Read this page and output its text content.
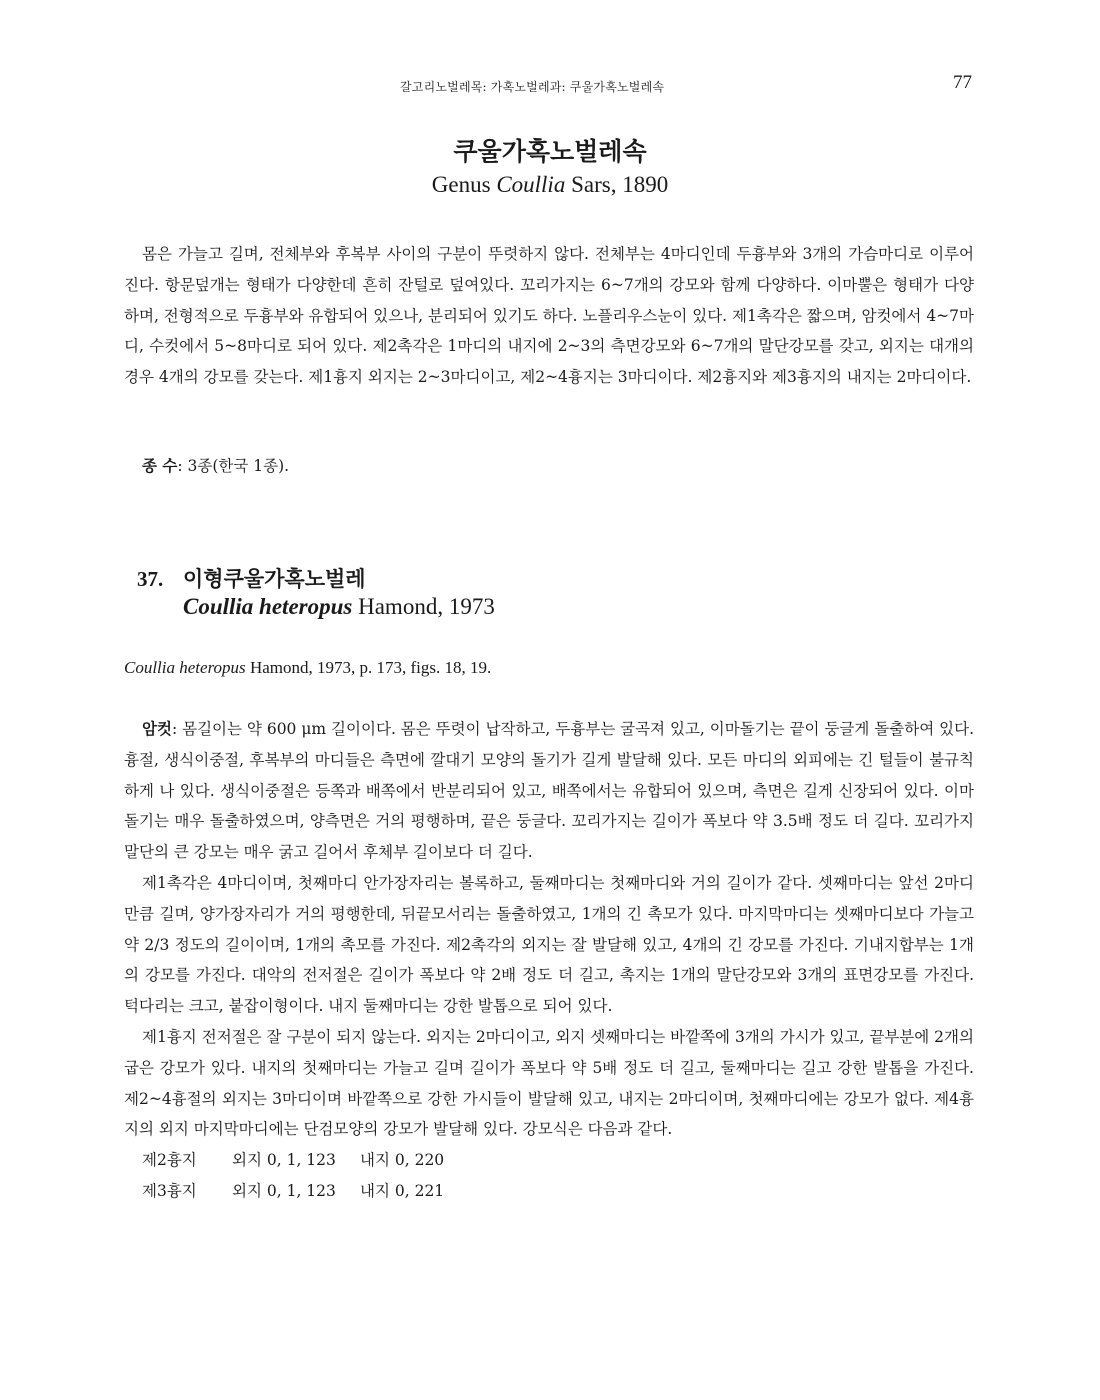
갈고리노벌레목: 가혹노벌레과: 쿠울가혹노벌레속	77
쿠울가혹노벌레속
Genus Coullia Sars, 1890

몸은 가늘고 길며, 전체부와 후복부 사이의 구분이 뚜렷하지 않다. 전체부는 4마디인데 두흉부와 3개의 가슴마디로 이루어진다. 항문덮개는 형태가 다양한데 흔히 잔털로 덮여있다. 꼬리가지는 6~7개의 강모와 함께 다양하다. 이마뿔은 형태가 다양하며, 전형적으로 두흉부와 유합되어 있으나, 분리되어 있기도 하다. 노플리우스눈이 있다. 제1촉각은 짧으며, 암컷에서 4~7마디, 수컷에서 5~8마디로 되어 있다. 제2촉각은 1마디의 내지에 2~3의 측면강모와 6~7개의 말단강모를 갖고, 외지는 대개의 경우 4개의 강모를 갖는다. 제1흉지 외지는 2~3마디이고, 제2~4흉지는 3마디이다. 제2흉지와 제3흉지의 내지는 2마디이다.

종 수: 3종(한국 1종).

37. 이형쿠울가혹노벌레
Coullia heteropus Hamond, 1973
Coullia heteropus Hamond, 1973, p. 173, figs. 18, 19.

암컷: 몸길이는 약 600 μm 길이이다. 몸은 뚜렷이 납작하고, 두흉부는 굴곡져 있고, 이마돌기는 끝이 둥글게 돌출하여 있다. 흉절, 생식이중절, 후복부의 마디들은 측면에 깔대기 모양의 돌기가 길게 발달해 있다. 모든 마디의 외피에는 긴 털들이 불규칙하게 나 있다. 생식이중절은 등쪽과 배쪽에서 반분리되어 있고, 배쪽에서는 유합되어 있으며, 측면은 길게 신장되어 있다. 이마돌기는 매우 돌출하였으며, 양측면은 거의 평행하며, 끝은 둥글다. 꼬리가지는 길이가 폭보다 약 3.5배 정도 더 길다. 꼬리가지 말단의 큰 강모는 매우 굵고 길어서 후체부 길이보다 더 길다.

제1촉각은 4마디이며, 첫째마디 안가장자리는 볼록하고, 둘째마디는 첫째마디와 거의 길이가 같다. 셋째마디는 앞선 2마디만큼 길며, 양가장자리가 거의 평행한데, 뒤끝모서리는 돌출하였고, 1개의 긴 촉모가 있다. 마지막마디는 셋째마디보다 가늘고 약 2/3 정도의 길이이며, 1개의 촉모를 가진다. 제2촉각의 외지는 잘 발달해 있고, 4개의 긴 강모를 가진다. 기내지합부는 1개의 강모를 가진다. 대악의 전저절은 길이가 폭보다 약 2배 정도 더 길고, 촉지는 1개의 말단강모와 3개의 표면강모를 가진다. 턱다리는 크고, 붙잡이형이다. 내지 둘째마디는 강한 발톱으로 되어 있다.

제1흉지 전저절은 잘 구분이 되지 않는다. 외지는 2마디이고, 외지 셋째마디는 바깥쪽에 3개의 가시가 있고, 끝부분에 2개의 굽은 강모가 있다. 내지의 첫째마디는 가늘고 길며 길이가 폭보다 약 5배 정도 더 길고, 둘째마디는 길고 강한 발톱을 가진다. 제2~4흉절의 외지는 3마디이며 바깥쪽으로 강한 가시들이 발달해 있고, 내지는 2마디이며, 첫째마디에는 강모가 없다. 제4흉지의 외지 마지막마디에는 단검모양의 강모가 발달해 있다. 강모식은 다음과 같다.

제2흉지 외지 0, 1, 123 내지 0, 220

제3흉지 외지 0, 1, 123 내지 0, 221
